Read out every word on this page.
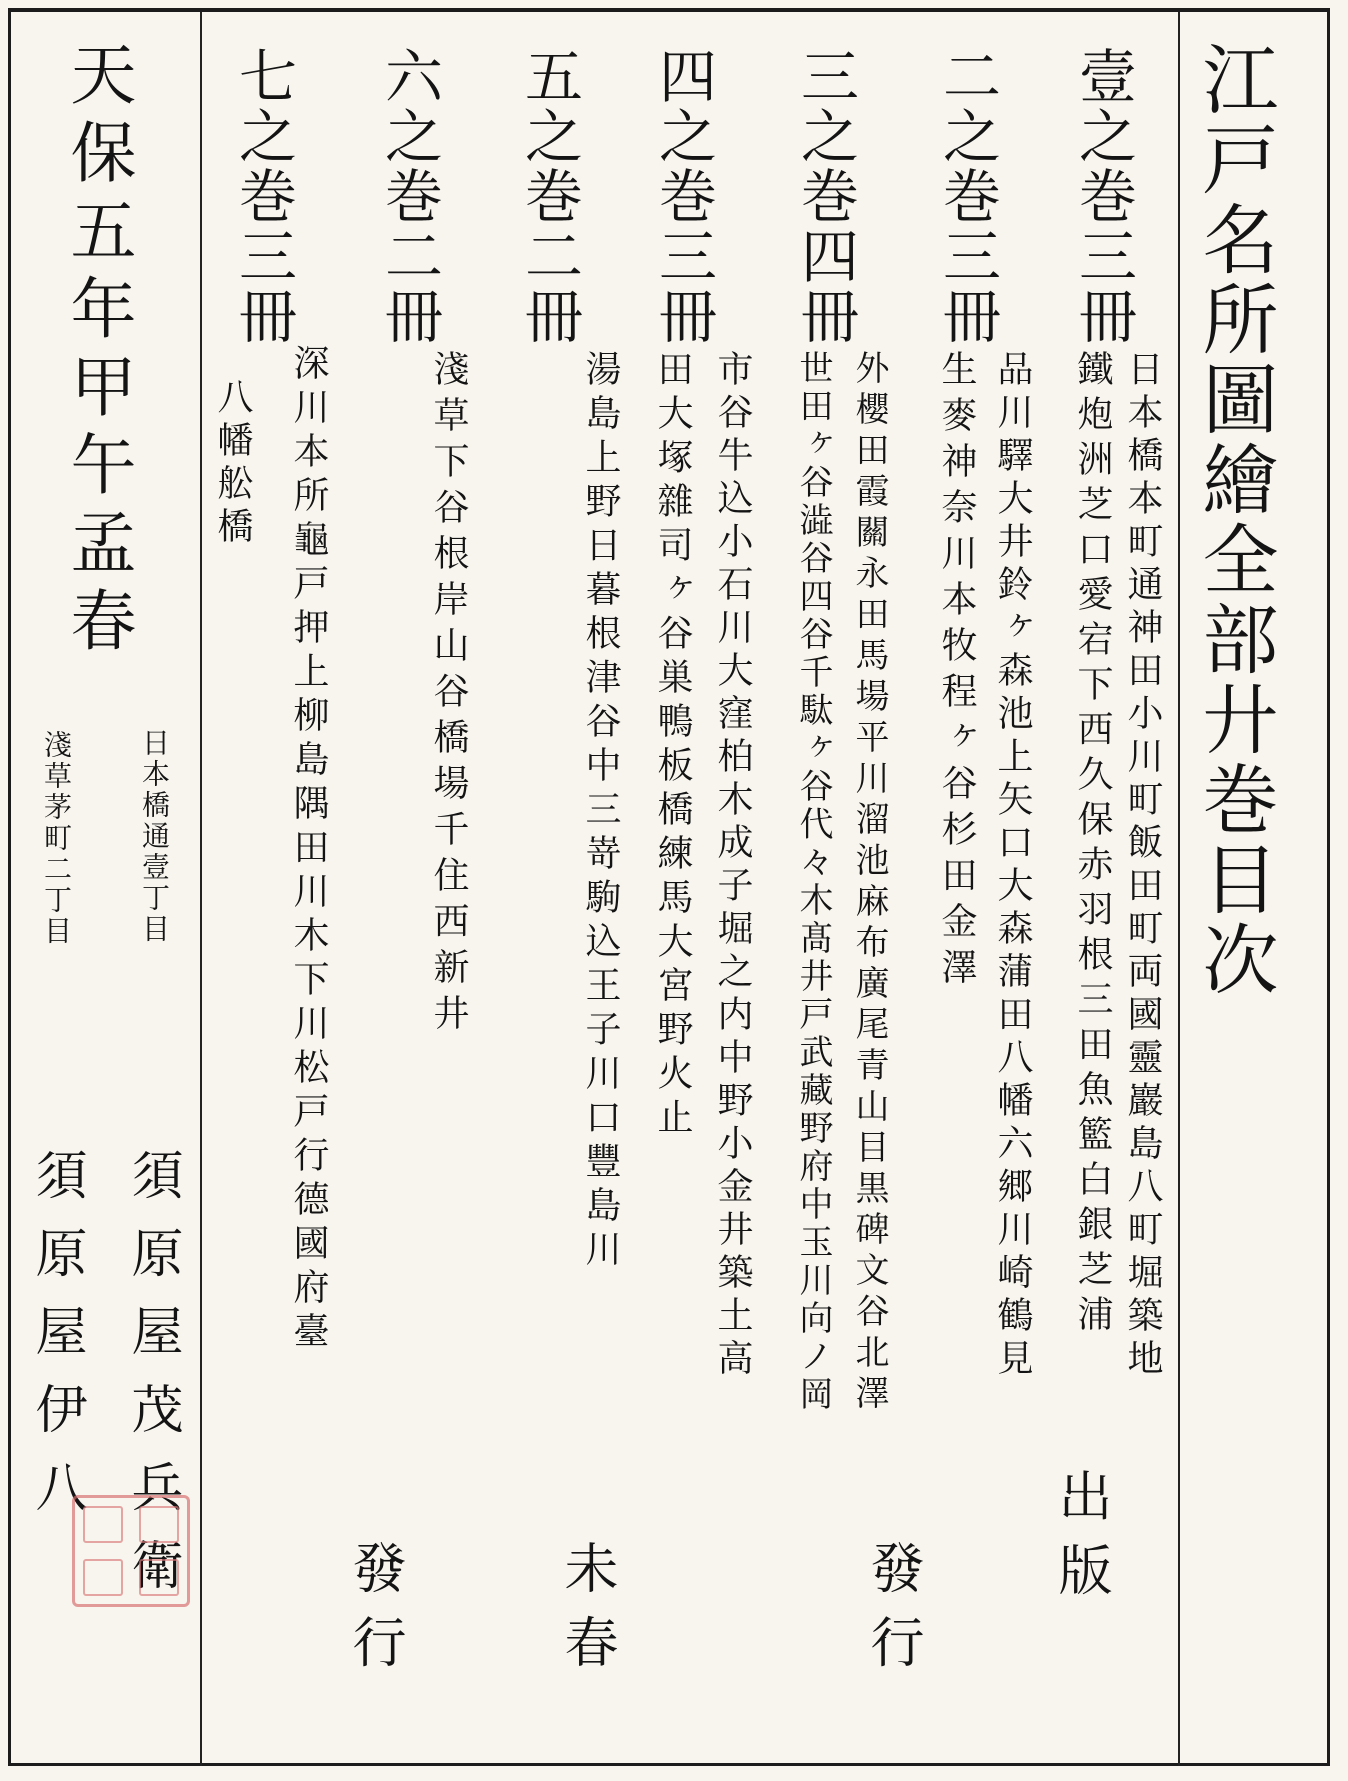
江戸名所圖繪全部廾巻目次
壹之巻三冊
二之巻三冊
三之巻四冊
四之巻三冊
五之巻二冊
六之巻二冊
七之巻三冊
日本橋本町通神田小川町飯田町両國靈巖島八町堀築地
鐵炮洲芝口愛宕下西久保赤羽根三田魚籃白銀芝浦
品川驛大井鈴ヶ森池上矢口大森蒲田八幡六郷川崎鶴見
生麥神奈川本牧程ヶ谷杉田金澤
出版
外櫻田霞關永田馬場平川溜池麻布廣尾青山目黒碑文谷北澤
世田ヶ谷澁谷四谷千駄ヶ谷代々木髙井戸武藏野府中玉川向ノ岡
市谷牛込小石川大窪柏木成子堀之内中野小金井築土高
田大塚雜司ヶ谷巣鴨板橋練馬大宮野火止
發行
湯島上野日暮根津谷中三嵜駒込王子川口豐島川
未春
淺草下谷根岸山谷橋場千住西新井
深川本所龜戸押上柳島隅田川木下川松戸行德國府臺
八幡舩橋
發行
天保五年甲午孟春
日本橋通壹丁目
須原屋茂兵衛
淺草茅町二丁目
須原屋伊八
